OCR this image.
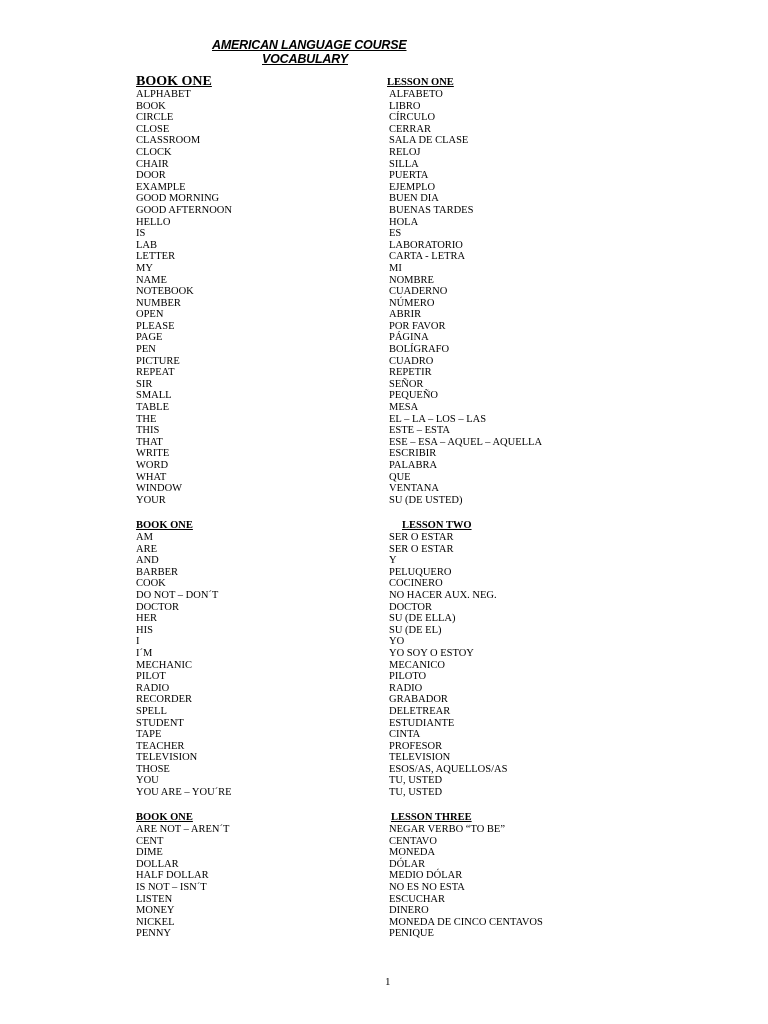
AMERICAN LANGUAGE COURSE
VOCABULARY
BOOK ONE	LESSON ONE
ALPHABET	ALFABETO
BOOK	LIBRO
CIRCLE	CÍRCULO
CLOSE	CERRAR
CLASSROOM	SALA DE CLASE
CLOCK	RELOJ
CHAIR	SILLA
DOOR	PUERTA
EXAMPLE	EJEMPLO
GOOD MORNING	BUEN DIA
GOOD AFTERNOON	BUENAS TARDES
HELLO	HOLA
IS	ES
LAB	LABORATORIO
LETTER	CARTA - LETRA
MY	MI
NAME	NOMBRE
NOTEBOOK	CUADERNO
NUMBER	NÚMERO
OPEN	ABRIR
PLEASE	POR FAVOR
PAGE	PÁGINA
PEN	BOLÍGRAFO
PICTURE	CUADRO
REPEAT	REPETIR
SIR	SEÑOR
SMALL	PEQUEÑO
TABLE	MESA
THE	EL – LA – LOS – LAS
THIS	ESTE – ESTA
THAT	ESE – ESA – AQUEL – AQUELLA
WRITE	ESCRIBIR
WORD	PALABRA
WHAT	QUE
WINDOW	VENTANA
YOUR	SU (DE USTED)
BOOK ONE	LESSON TWO
AM	SER O ESTAR
ARE	SER O ESTAR
AND	Y
BARBER	PELUQUERO
COOK	COCINERO
DO NOT – DON´T	NO HACER AUX. NEG.
DOCTOR	DOCTOR
HER	SU (DE ELLA)
HIS	SU (DE EL)
I	YO
I´M	YO SOY O ESTOY
MECHANIC	MECANICO
PILOT	PILOTO
RADIO	RADIO
RECORDER	GRABADOR
SPELL	DELETREAR
STUDENT	ESTUDIANTE
TAPE	CINTA
TEACHER	PROFESOR
TELEVISION	TELEVISION
THOSE	ESOS/AS, AQUELLOS/AS
YOU	TU, USTED
YOU ARE – YOU´RE	TU, USTED
BOOK ONE	LESSON THREE
ARE NOT – AREN´T	NEGAR VERBO “TO BE”
CENT	CENTAVO
DIME	MONEDA
DOLLAR	DÓLAR
HALF DOLLAR	MEDIO DÓLAR
IS NOT – ISN´T	NO ES NO ESTA
LISTEN	ESCUCHAR
MONEY	DINERO
NICKEL	MONEDA DE CINCO CENTAVOS
PENNY	PENIQUE
1
